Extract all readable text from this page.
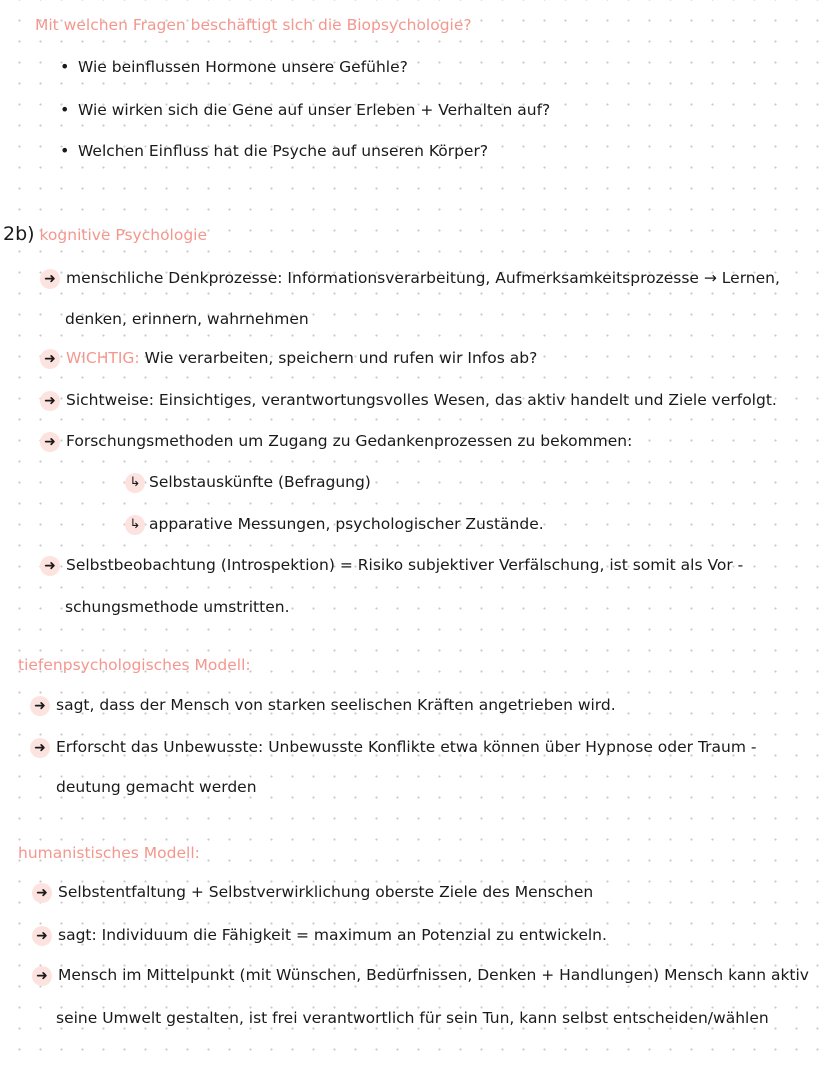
Mit welchen Fragen beschäftigt sich die Biopsychologie?
• Wie beinflussen Hormone unsere Gefühle?
• Wie wirken sich die Gene auf unser Erleben + Verhalten auf?
• Welchen Einfluss hat die Psyche auf unseren Körper?
2b) kognitive Psychologie
➜ menschliche Denkprozesse: Informationsverarbeitung, Aufmerksamkeitsprozesse → Lernen,
denken, erinnern, wahrnehmen
➜ WICHTIG: Wie verarbeiten, speichern und rufen wir Infos ab?
➜ Sichtweise: Einsichtiges, verantwortungsvolles Wesen, das aktiv handelt und Ziele verfolgt.
➜ Forschungsmethoden um Zugang zu Gedankenprozessen zu bekommen:
↳ Selbstauskünfte (Befragung)
↳ apparative Messungen, psychologischer Zustände.
➜ Selbstbeobachtung (Introspektion) = Risiko subjektiver Verfälschung, ist somit als Vor -
schungsmethode umstritten.
tiefenpsychologisches Modell:
➜ sagt, dass der Mensch von starken seelischen Kräften angetrieben wird.
➜ Erforscht das Unbewusste: Unbewusste Konflikte etwa können über Hypnose oder Traum -
deutung gemacht werden
humanistisches Modell:
➜ Selbstentfaltung + Selbstverwirklichung oberste Ziele des Menschen
➜ sagt: Individuum die Fähigkeit = maximum an Potenzial zu entwickeln.
➜ Mensch im Mittelpunkt (mit Wünschen, Bedürfnissen, Denken + Handlungen) Mensch kann aktiv
seine Umwelt gestalten, ist frei verantwortlich für sein Tun, kann selbst entscheiden/wählen
